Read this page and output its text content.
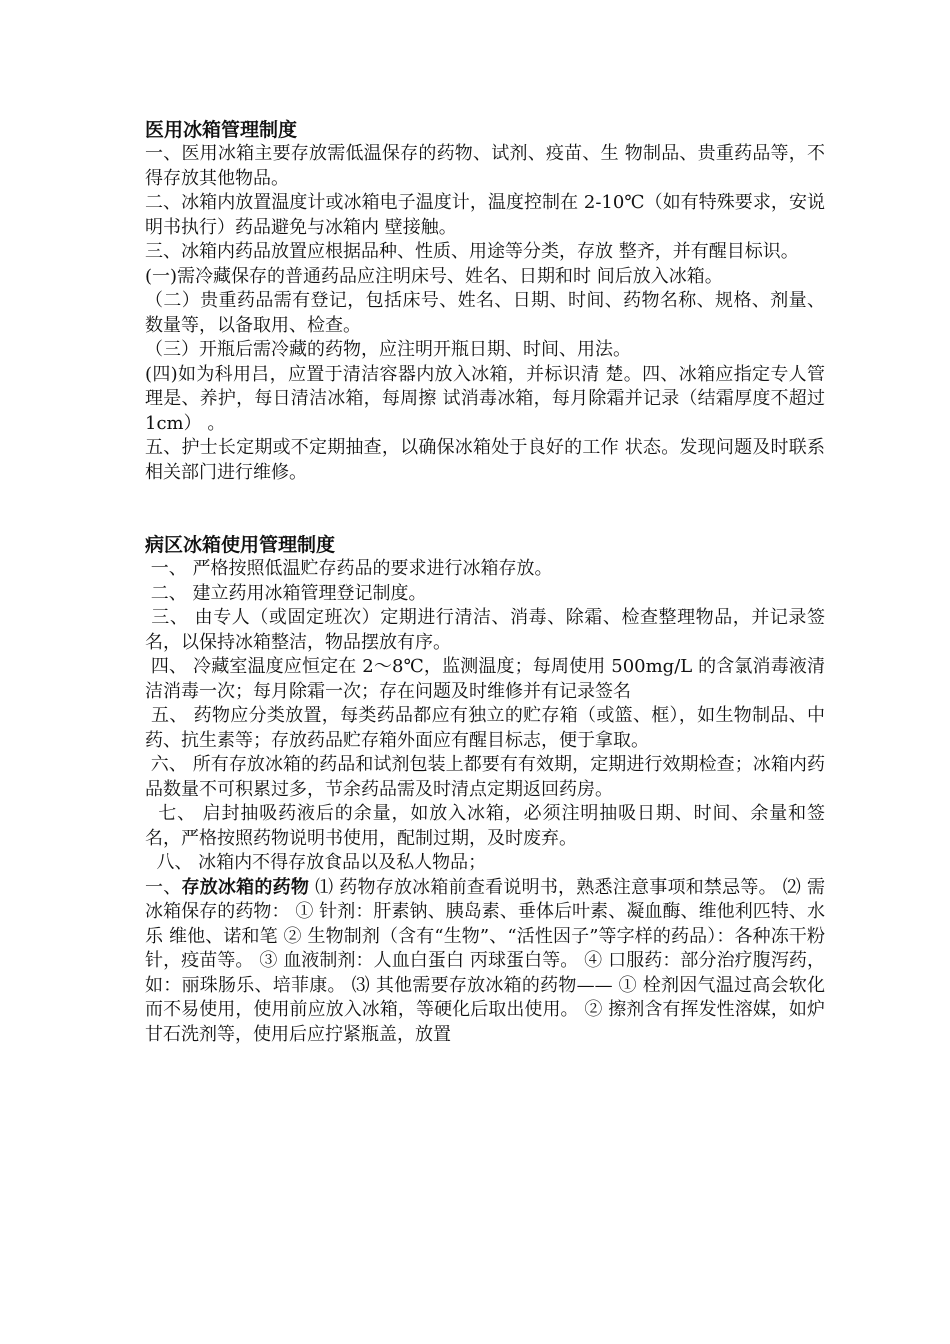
医用冰箱管理制度

一、医用冰箱主要存放需低温保存的药物、试剂、疫苗、生 物制品、贵重药品等，不得存放其他物品。

二、冰箱内放置温度计或冰箱电子温度计，温度控制在 2-10℃（如有特殊要求，安说明书执行）药品避免与冰箱内 壁接触。

三、冰箱内药品放置应根据品种、性质、用途等分类，存放 整齐，并有醒目标识。

(一)需冷藏保存的普通药品应注明床号、姓名、日期和时 间后放入冰箱。

（二）贵重药品需有登记，包括床号、姓名、日期、时间、药物名称、规格、剂量、数量等，以备取用、检查。

（三）开瓶后需冷藏的药物，应注明开瓶日期、时间、用法。

(四)如为科用吕，应置于清洁容器内放入冰箱，并标识清 楚。四、冰箱应指定专人管理是、养护，每日清洁冰箱，每周擦 试消毒冰箱，每月除霜并记录（结霜厚度不超过 1cm） 。

五、护士长定期或不定期抽查，以确保冰箱处于良好的工作 状态。发现问题及时联系相关部门进行维修。

病区冰箱使用管理制度

一、 严格按照低温贮存药品的要求进行冰箱存放。

二、 建立药用冰箱管理登记制度。

三、 由专人（或固定班次）定期进行清洁、消毒、除霜、检查整理物品，并记录签名，以保持冰箱整洁，物品摆放有序。

四、 冷藏室温度应恒定在 2～8℃，监测温度；每周使用 500mg/L 的含氯消毒液清洁消毒一次；每月除霜一次；存在问题及时维修并有记录签名

五、 药物应分类放置，每类药品都应有独立的贮存箱（或篮、框），如生物制品、中药、抗生素等；存放药品贮存箱外面应有醒目标志，便于拿取。

六、 所有存放冰箱的药品和试剂包装上都要有有效期，定期进行效期检查；冰箱内药品数量不可积累过多，节余药品需及时清点定期返回药房。

七、 启封抽吸药液后的余量，如放入冰箱，必须注明抽吸日期、时间、余量和签名，严格按照药物说明书使用，配制过期，及时废弃。

八、 冰箱内不得存放食品以及私人物品；

一、存放冰箱的药物 ⑴ 药物存放冰箱前查看说明书，熟悉注意事项和禁忌等。 ⑵ 需冰箱保存的药物： ① 针剂：肝素钠、胰岛素、垂体后叶素、凝血酶、维他利匹特、水乐 维他、诺和笔 ② 生物制剂（含有“生物”、“活性因子”等字样的药品）：各种冻干粉针，疫苗等。 ③ 血液制剂：人血白蛋白 丙球蛋白等。 ④ 口服药：部分治疗腹泻药，如：丽珠肠乐、培菲康。 ⑶ 其他需要存放冰箱的药物—— ① 栓剂因气温过高会软化而不易使用，使用前应放入冰箱，等硬化后取出使用。 ② 擦剂含有挥发性溶媒，如炉甘石洗剂等，使用后应拧紧瓶盖，放置
